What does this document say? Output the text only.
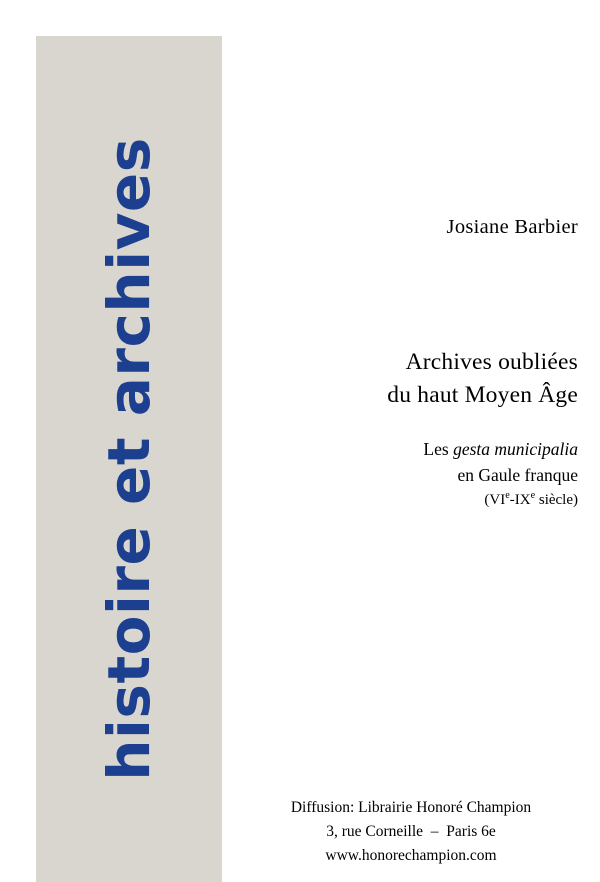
histoire et archives	Josiane Barbier
Archives oubliées
du haut Moyen Âge
Les gesta municipalia
en Gaule franque
(VIe-IXe siècle)
Diffusion: Librairie Honoré Champion
3, rue Corneille  –  Paris 6e
www.honorechampion.com
